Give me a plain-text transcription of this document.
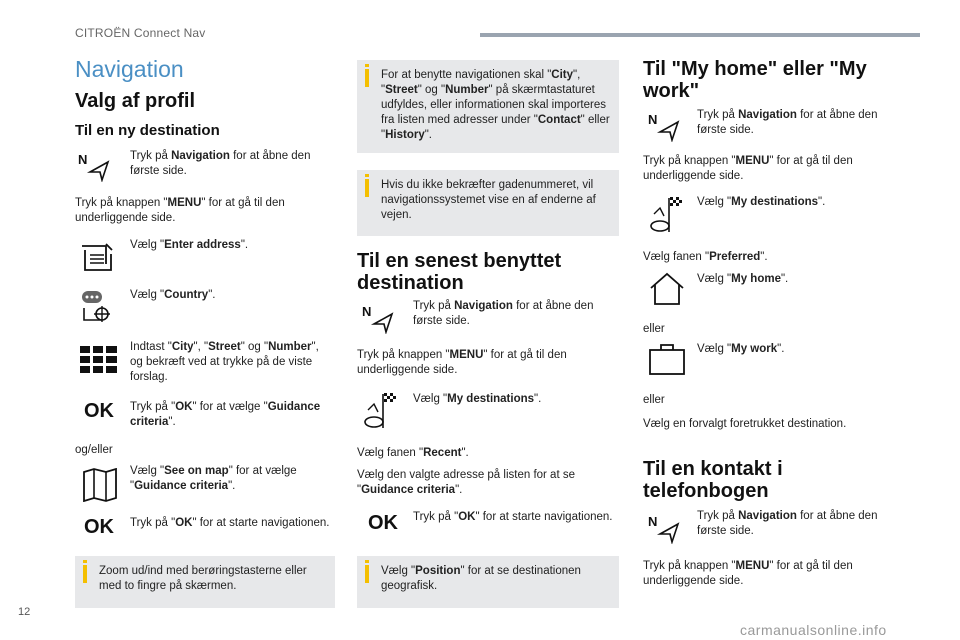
CITROËN Connect Nav
Navigation
Valg af profil
Til en ny destination
N	Tryk på Navigation for at åbne den første side.
Tryk på knappen "MENU" for at gå til den underliggende side.
Vælg "Enter address".
Vælg "Country".
Indtast "City", "Street" og "Number", og bekræft ved at trykke på de viste forslag.
OK Tryk på "OK" for at vælge "Guidance criteria".
og/eller
Vælg "See on map" for at vælge "Guidance criteria".
OK Tryk på "OK" for at starte navigationen.
Zoom ud/ind med berøringstasterne eller med to fingre på skærmen.
For at benytte navigationen skal "City", "Street" og "Number" på skærmtastaturet udfyldes, eller informationen skal importeres fra listen med adresser under "Contact" eller "History".
Hvis du ikke bekræfter gadenummeret, vil navigationssystemet vise en af enderne af vejen.
Til en senest benyttet destination
N	Tryk på Navigation for at åbne den første side.
Tryk på knappen "MENU" for at gå til den underliggende side.
Vælg "My destinations".
Vælg fanen "Recent".
Vælg den valgte adresse på listen for at se "Guidance criteria".
OK Tryk på "OK" for at starte navigationen.
Vælg "Position" for at se destinationen geografisk.
Til "My home" eller "My work"
N	Tryk på Navigation for at åbne den første side.
Tryk på knappen "MENU" for at gå til den underliggende side.
Vælg "My destinations".
Vælg fanen "Preferred".
Vælg "My home".
eller
Vælg "My work".
eller
Vælg en forvalgt foretrukket destination.
Til en kontakt i telefonbogen
N	Tryk på Navigation for at åbne den første side.
Tryk på knappen "MENU" for at gå til den underliggende side.
12
carmanualsonline.info
